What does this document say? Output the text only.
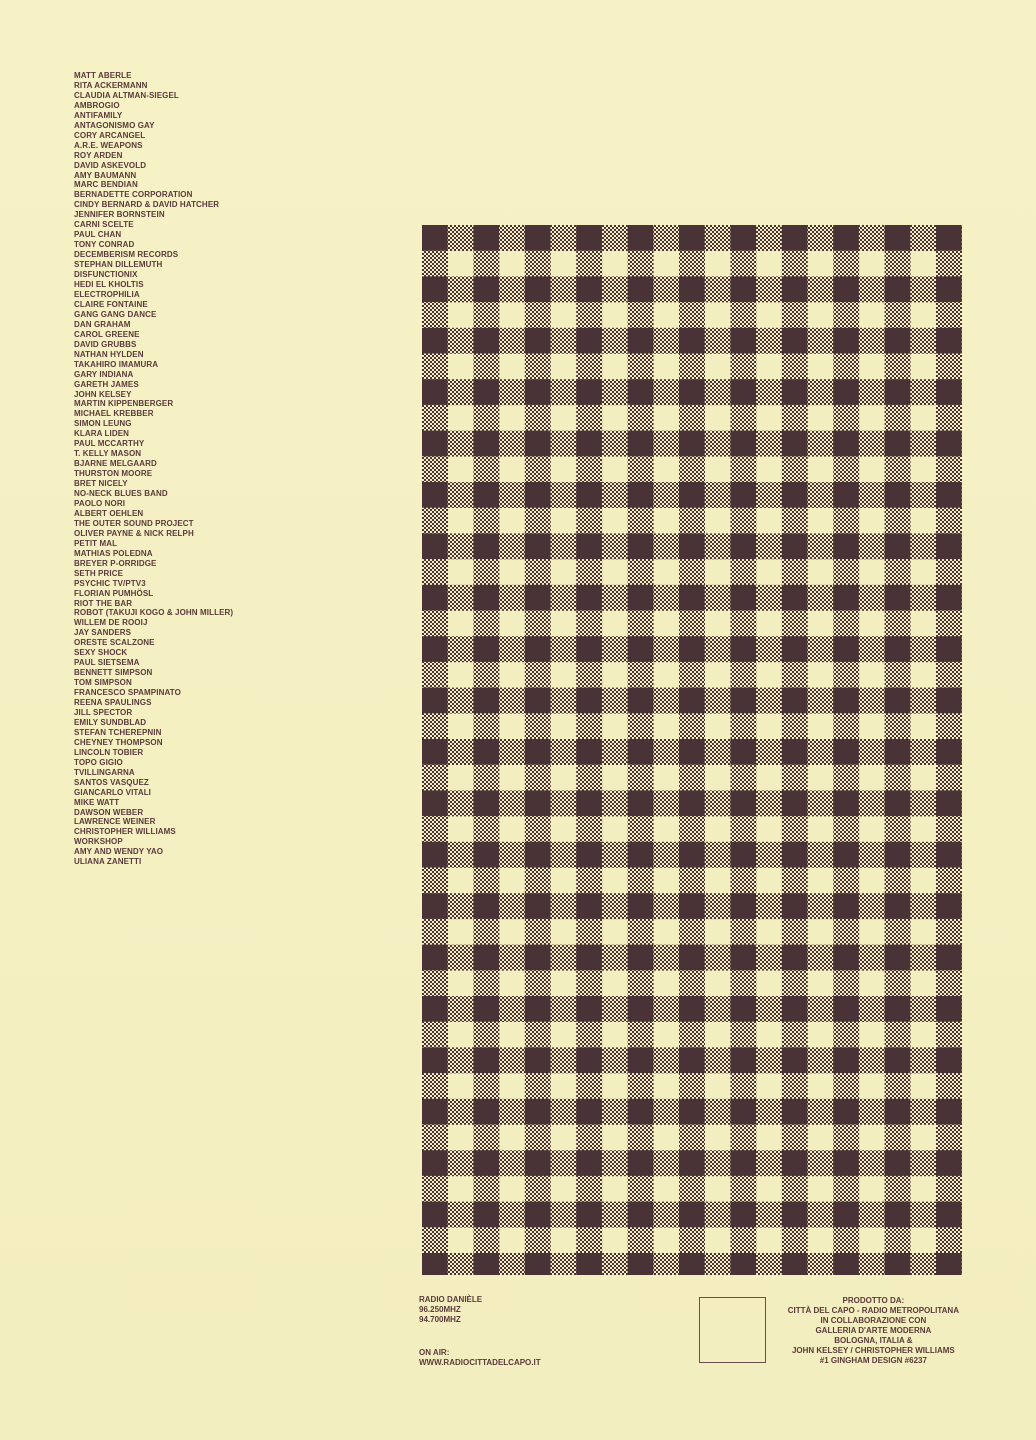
MATT ABERLE
RITA ACKERMANN
CLAUDIA ALTMAN-SIEGEL
AMBROGIO
ANTIFAMILY
ANTAGONISMO GAY
CORY ARCANGEL
A.R.E. WEAPONS
ROY ARDEN
DAVID ASKEVOLD
AMY BAUMANN
MARC BENDIAN
BERNADETTE CORPORATION
CINDY BERNARD & DAVID HATCHER
JENNIFER BORNSTEIN
CARNI SCELTE
PAUL CHAN
TONY CONRAD
DECEMBERISM RECORDS
STEPHAN DILLEMUTH
DISFUNCTIONIX
HEDI EL KHOLTIS
ELECTROPHILIA
CLAIRE FONTAINE
GANG GANG DANCE
DAN GRAHAM
CAROL GREENE
DAVID GRUBBS
NATHAN HYLDEN
TAKAHIRO IMAMURA
GARY INDIANA
GARETH JAMES
JOHN KELSEY
MARTIN KIPPENBERGER
MICHAEL KREBBER
SIMON LEUNG
KLARA LIDEN
PAUL MCCARTHY
T. KELLY MASON
BJARNE MELGAARD
THURSTON MOORE
BRET NICELY
NO-NECK BLUES BAND
PAOLO NORI
ALBERT OEHLEN
THE OUTER SOUND PROJECT
OLIVER PAYNE & NICK RELPH
PETIT MAL
MATHIAS POLEDNA
BREYER P-ORRIDGE
SETH PRICE
PSYCHIC TV/PTV3
FLORIAN PUMHÖSL
RIOT THE BAR
ROBOT (TAKUJI KOGO & JOHN MILLER)
WILLEM DE ROOIJ
JAY SANDERS
ORESTE SCALZONE
SEXY SHOCK
PAUL SIETSEMA
BENNETT SIMPSON
TOM SIMPSON
FRANCESCO SPAMPINATO
REENA SPAULINGS
JILL SPECTOR
EMILY SUNDBLAD
STEFAN TCHEREPNIN
CHEYNEY THOMPSON
LINCOLN TOBIER
TOPO GIGIO
TVILLINGARNA
SANTOS VASQUEZ
GIANCARLO VITALI
MIKE WATT
DAWSON WEBER
LAWRENCE WEINER
CHRISTOPHER WILLIAMS
WORKSHOP
AMY AND WENDY YAO
ULIANA ZANETTI
RADIO DANIÈLE
96.250MHZ
94.700MHZ
ON AIR:
WWW.RADIOCITTADELCAPO.IT
PRODOTTO DA:
CITTÀ DEL CAPO - RADIO METROPOLITANA
IN COLLABORAZIONE CON
GALLERIA D'ARTE MODERNA
BOLOGNA, ITALIA &
JOHN KELSEY / CHRISTOPHER WILLIAMS
#1 GINGHAM DESIGN #6237
